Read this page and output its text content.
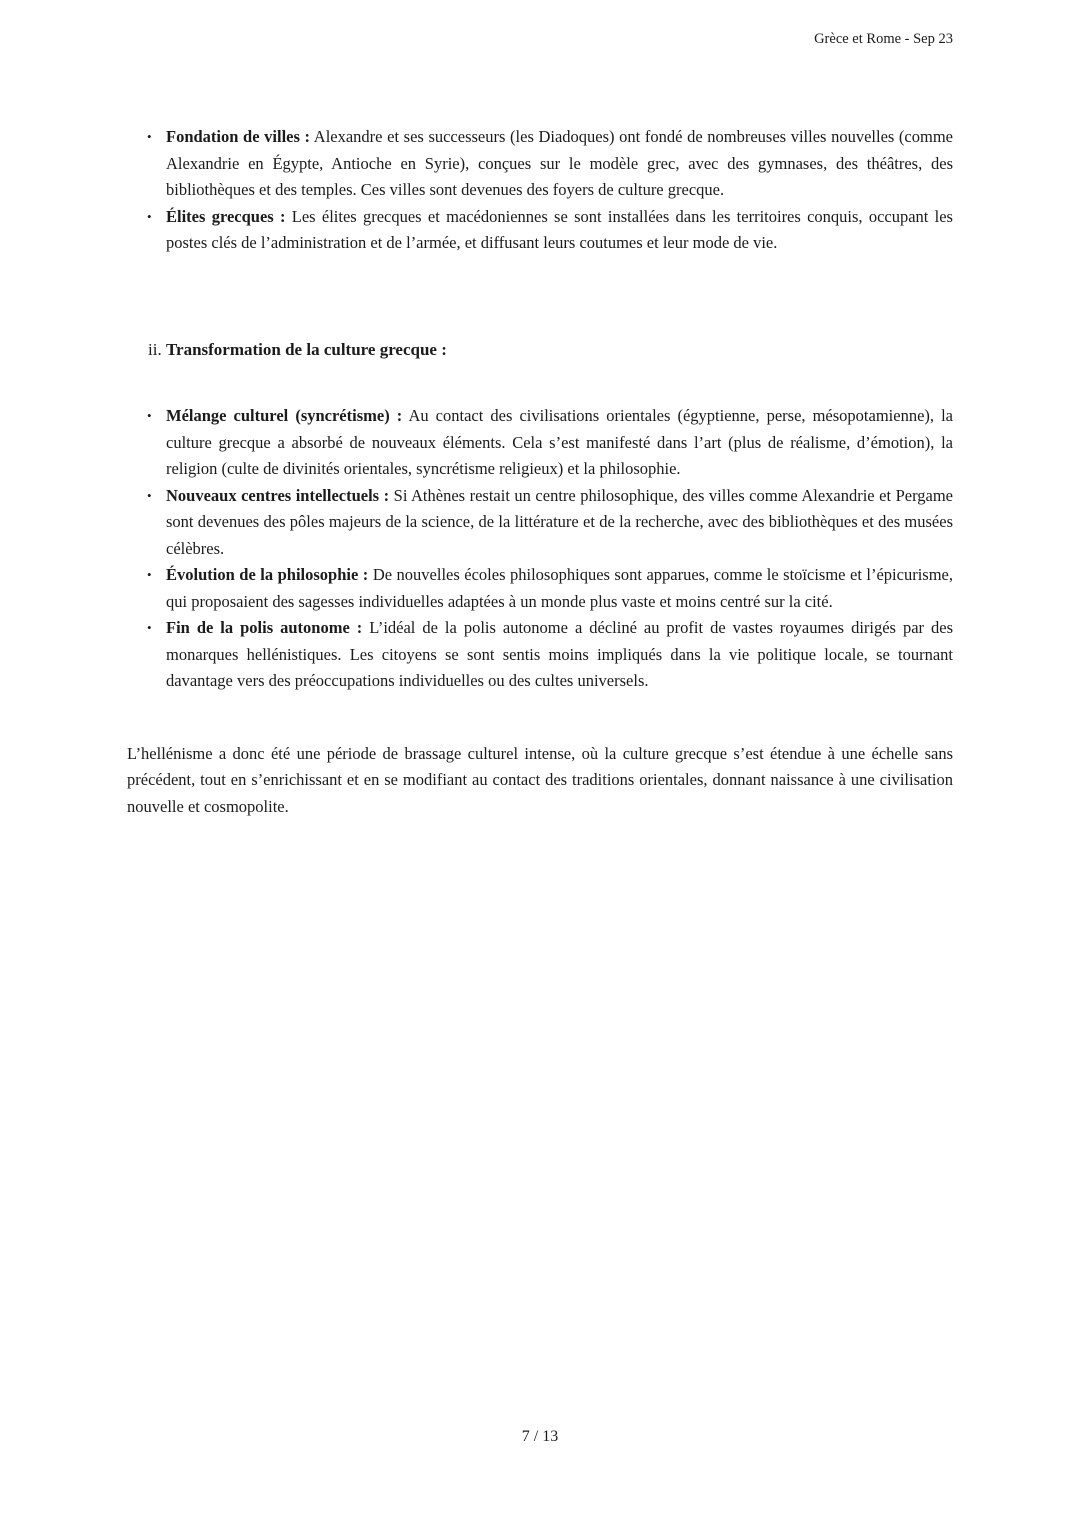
Grèce et Rome - Sep 23
• Fondation de villes : Alexandre et ses successeurs (les Diadoques) ont fondé de nombreuses villes nouvelles (comme Alexandrie en Égypte, Antioche en Syrie), conçues sur le modèle grec, avec des gymnases, des théâtres, des bibliothèques et des temples. Ces villes sont devenues des foyers de culture grecque.
• Élites grecques : Les élites grecques et macédoniennes se sont installées dans les territoires conquis, occupant les postes clés de l’administration et de l’armée, et diffusant leurs coutumes et leur mode de vie.

ii. Transformation de la culture grecque :

• Mélange culturel (syncrétisme) : Au contact des civilisations orientales (égyptienne, perse, mésopotamienne), la culture grecque a absorbé de nouveaux éléments. Cela s’est manifesté dans l’art (plus de réalisme, d’émotion), la religion (culte de divinités orientales, syncrétisme religieux) et la philosophie.
• Nouveaux centres intellectuels : Si Athènes restait un centre philosophique, des villes comme Alexandrie et Pergame sont devenues des pôles majeurs de la science, de la littérature et de la recherche, avec des bibliothèques et des musées célèbres.
• Évolution de la philosophie : De nouvelles écoles philosophiques sont apparues, comme le stoïcisme et l’épicurisme, qui proposaient des sagesses individuelles adaptées à un monde plus vaste et moins centré sur la cité.
• Fin de la polis autonome : L’idéal de la polis autonome a décliné au profit de vastes royaumes dirigés par des monarques hellénistiques. Les citoyens se sont sentis moins impliqués dans la vie politique locale, se tournant davantage vers des préoccupations individuelles ou des cultes universels.

L’hellénisme a donc été une période de brassage culturel intense, où la culture grecque s’est étendue à une échelle sans précédent, tout en s’enrichissant et en se modifiant au contact des traditions orientales, donnant naissance à une civilisation nouvelle et cosmopolite.

7 / 13
